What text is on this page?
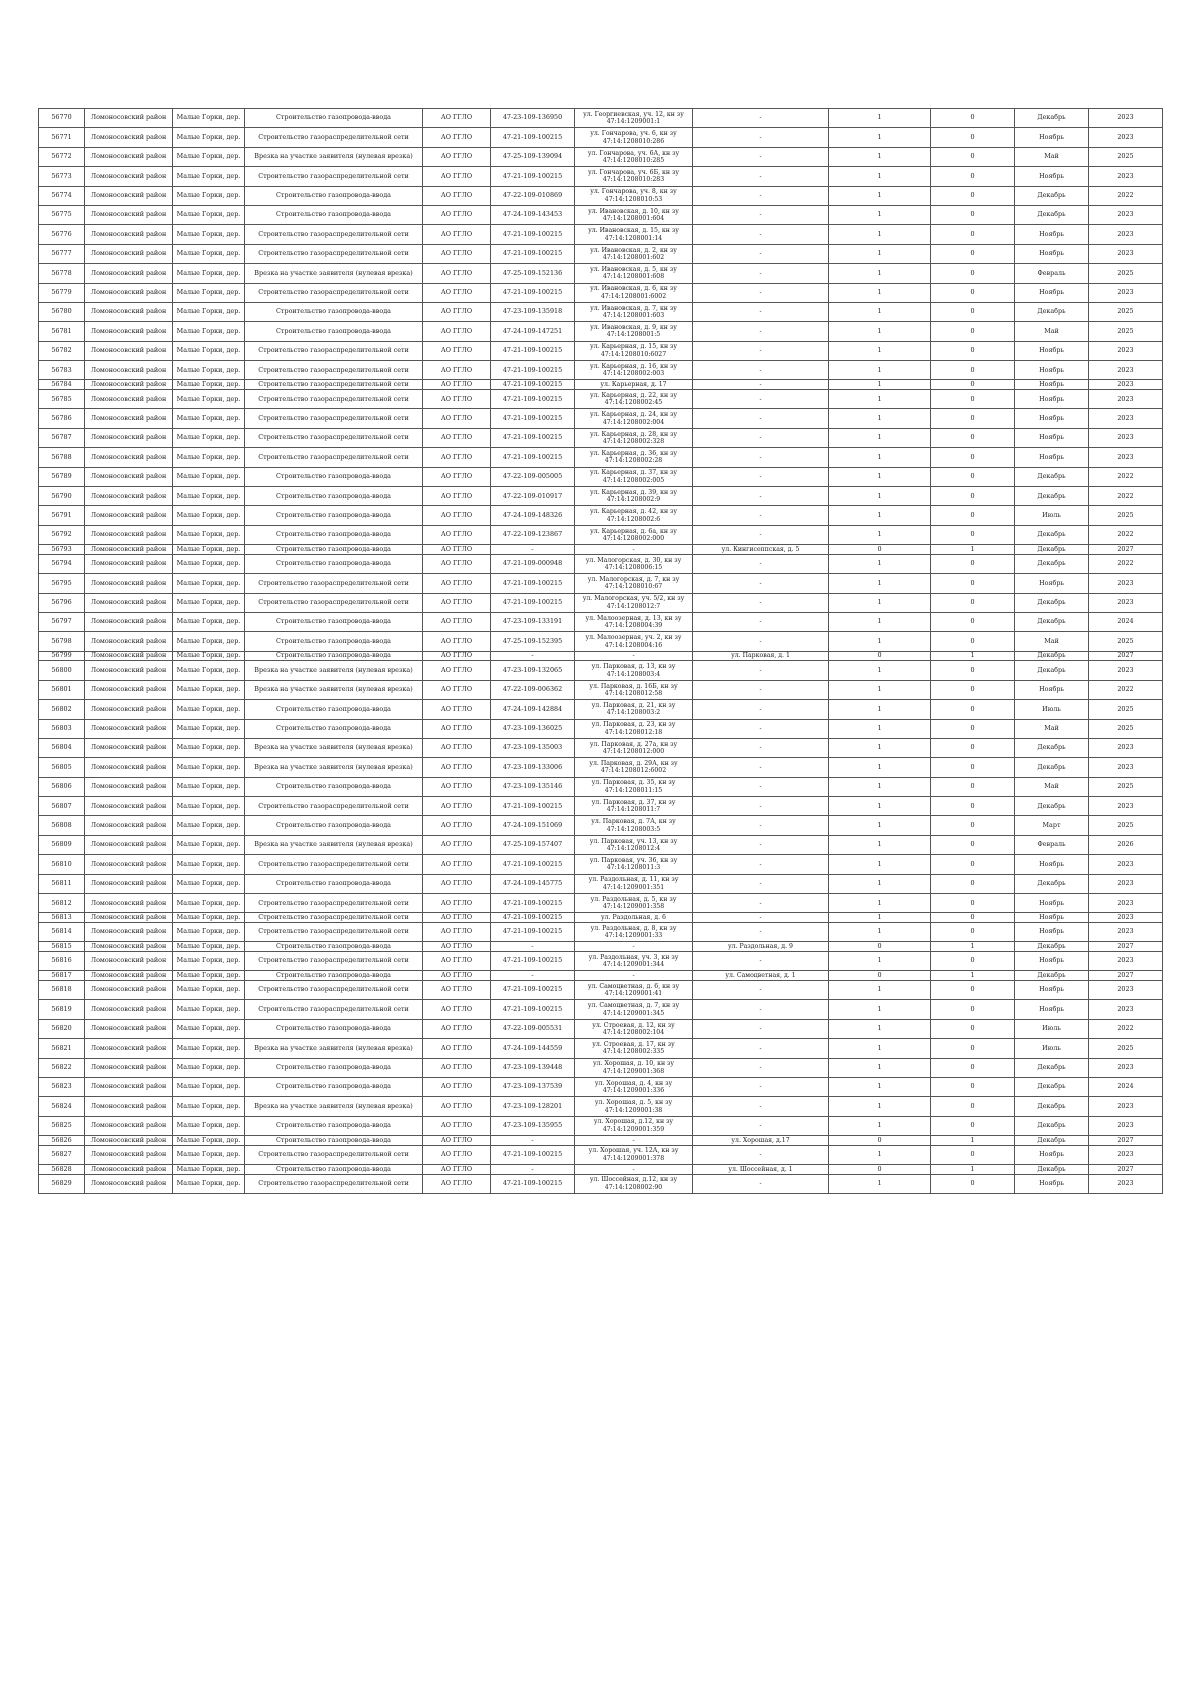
56770	Ломоносовский район	Малые Горки, дер.	Строительство газопровода-ввода	АО ГГЛО	47-23-109-136950	ул. Георгиевская, уч. 12, кн зу 47:14:1209001:1	-	1	0	Декабрь	2023
56771	Ломоносовский район	Малые Горки, дер.	Строительство газораспределительной сети	АО ГГЛО	47-21-109-100215	ул. Гончарова, уч. 6, кн зу 47:14:1208010:286	-	1	0	Ноябрь	2023
56772	Ломоносовский район	Малые Горки, дер.	Врезка на участке заявителя (нулевая врезка)	АО ГГЛО	47-25-109-139094	ул. Гончарова, уч. 6А, кн зу 47:14:1208010:285	-	1	0	Май	2025
56773	Ломоносовский район	Малые Горки, дер.	Строительство газораспределительной сети	АО ГГЛО	47-21-109-100215	ул. Гончарова, уч. 6Б, кн зу 47:14:1208010:283	-	1	0	Ноябрь	2023
56774	Ломоносовский район	Малые Горки, дер.	Строительство газопровода-ввода	АО ГГЛО	47-22-109-010869	ул. Гончарова, уч. 8, кн зу 47:14:1208010:53	-	1	0	Декабрь	2022
56775	Ломоносовский район	Малые Горки, дер.	Строительство газопровода-ввода	АО ГГЛО	47-24-109-143453	ул. Ивановская, д. 10, кн зу 47:14:1208001:604	-	1	0	Декабрь	2023
56776	Ломоносовский район	Малые Горки, дер.	Строительство газораспределительной сети	АО ГГЛО	47-21-109-100215	ул. Ивановская, д. 15, кн зу 47:14:1208001:14	-	1	0	Ноябрь	2023
56777	Ломоносовский район	Малые Горки, дер.	Строительство газораспределительной сети	АО ГГЛО	47-21-109-100215	ул. Ивановская, д. 2, кн зу 47:14:1208001:602	-	1	0	Ноябрь	2023
56778	Ломоносовский район	Малые Горки, дер.	Врезка на участке заявителя (нулевая врезка)	АО ГГЛО	47-25-109-152136	ул. Ивановская, д. 5, кн зу 47:14:1208001:608	-	1	0	Февраль	2025
56779	Ломоносовский район	Малые Горки, дер.	Строительство газораспределительной сети	АО ГГЛО	47-21-109-100215	ул. Ивановская, д. 6, кн зу 47:14:1208001:6002	-	1	0	Ноябрь	2023
56780	Ломоносовский район	Малые Горки, дер.	Строительство газопровода-ввода	АО ГГЛО	47-23-109-135918	ул. Ивановская, д. 7, кн зу 47:14:1208001:603	-	1	0	Декабрь	2025
56781	Ломоносовский район	Малые Горки, дер.	Строительство газопровода-ввода	АО ГГЛО	47-24-109-147251	ул. Ивановская, д. 9, кн зу 47:14:1208001:5	-	1	0	Май	2025
56782	Ломоносовский район	Малые Горки, дер.	Строительство газораспределительной сети	АО ГГЛО	47-21-109-100215	ул. Карьерная, д. 15, кн зу 47:14:1208010:6027	-	1	0	Ноябрь	2023
56783	Ломоносовский район	Малые Горки, дер.	Строительство газораспределительной сети	АО ГГЛО	47-21-109-100215	ул. Карьерная, д. 16, кн зу 47:14:1208002:003	-	1	0	Ноябрь	2023
56784	Ломоносовский район	Малые Горки, дер.	Строительство газораспределительной сети	АО ГГЛО	47-21-109-100215	ул. Карьерная, д. 17	-	1	0	Ноябрь	2023
56785	Ломоносовский район	Малые Горки, дер.	Строительство газораспределительной сети	АО ГГЛО	47-21-109-100215	ул. Карьерная, д. 22, кн зу 47:14:1208002:45	-	1	0	Ноябрь	2023
56786	Ломоносовский район	Малые Горки, дер.	Строительство газораспределительной сети	АО ГГЛО	47-21-109-100215	ул. Карьерная, д. 24, кн зу 47:14:1208002:004	-	1	0	Ноябрь	2023
56787	Ломоносовский район	Малые Горки, дер.	Строительство газораспределительной сети	АО ГГЛО	47-21-109-100215	ул. Карьерная, д. 28, кн зу 47:14:1208002:328	-	1	0	Ноябрь	2023
56788	Ломоносовский район	Малые Горки, дер.	Строительство газораспределительной сети	АО ГГЛО	47-21-109-100215	ул. Карьерная, д. 36, кн зу 47:14:1208002:28	-	1	0	Ноябрь	2023
56789	Ломоносовский район	Малые Горки, дер.	Строительство газопровода-ввода	АО ГГЛО	47-22-109-005005	ул. Карьерная, д. 37, кн зу 47:14:1208002:005	-	1	0	Декабрь	2022
56790	Ломоносовский район	Малые Горки, дер.	Строительство газопровода-ввода	АО ГГЛО	47-22-109-010917	ул. Карьерная, д. 39, кн зу 47:14:1208002:9	-	1	0	Декабрь	2022
56791	Ломоносовский район	Малые Горки, дер.	Строительство газопровода-ввода	АО ГГЛО	47-24-109-148326	ул. Карьерная, д. 42, кн зу 47:14:1208002:6	-	1	0	Июль	2025
56792	Ломоносовский район	Малые Горки, дер.	Строительство газопровода-ввода	АО ГГЛО	47-22-109-123867	ул. Карьерная, д. 6а, кн зу 47:14:1208002:000	-	1	0	Декабрь	2022
56793	Ломоносовский район	Малые Горки, дер.	Строительство газопровода-ввода	АО ГГЛО	-	-	ул. Кингисеппская, д. 5	0	1	Декабрь	2027
56794	Ломоносовский район	Малые Горки, дер.	Строительство газопровода-ввода	АО ГГЛО	47-21-109-000948	ул. Малогорская, д. 30, кн зу 47:14:1208006:15	-	1	0	Декабрь	2022
56795	Ломоносовский район	Малые Горки, дер.	Строительство газораспределительной сети	АО ГГЛО	47-21-109-100215	ул. Малогорская, д. 7, кн зу 47:14:1208010:67	-	1	0	Ноябрь	2023
56796	Ломоносовский район	Малые Горки, дер.	Строительство газораспределительной сети	АО ГГЛО	47-21-109-100215	ул. Малогорская, уч. 5/2, кн зу 47:14:1208012:7	-	1	0	Декабрь	2023
56797	Ломоносовский район	Малые Горки, дер.	Строительство газопровода-ввода	АО ГГЛО	47-23-109-133191	ул. Малоозерная, д. 13, кн зу 47:14:1208004:39	-	1	0	Декабрь	2024
56798	Ломоносовский район	Малые Горки, дер.	Строительство газопровода-ввода	АО ГГЛО	47-25-109-152395	ул. Малоозерная, уч. 2, кн зу 47:14:1208004:16	-	1	0	Май	2025
56799	Ломоносовский район	Малые Горки, дер.	Строительство газопровода-ввода	АО ГГЛО	-	-	ул. Парковая, д. 1	0	1	Декабрь	2027
56800	Ломоносовский район	Малые Горки, дер.	Врезка на участке заявителя (нулевая врезка)	АО ГГЛО	47-23-109-132065	ул. Парковая, д. 13, кн зу 47:14:1208003:4	-	1	0	Декабрь	2023
56801	Ломоносовский район	Малые Горки, дер.	Врезка на участке заявителя (нулевая врезка)	АО ГГЛО	47-22-109-006362	ул. Парковая, д. 16Б, кн зу 47:14:1208012:58	-	1	0	Ноябрь	2022
56802	Ломоносовский район	Малые Горки, дер.	Строительство газопровода-ввода	АО ГГЛО	47-24-109-142884	ул. Парковая, д. 21, кн зу 47:14:1208003:2	-	1	0	Июль	2025
56803	Ломоносовский район	Малые Горки, дер.	Строительство газопровода-ввода	АО ГГЛО	47-23-109-136025	ул. Парковая, д. 23, кн зу 47:14:1208012:18	-	1	0	Май	2025
56804	Ломоносовский район	Малые Горки, дер.	Врезка на участке заявителя (нулевая врезка)	АО ГГЛО	47-23-109-135003	ул. Парковая, д. 27а, кн зу 47:14:1208012:000	-	1	0	Декабрь	2023
56805	Ломоносовский район	Малые Горки, дер.	Врезка на участке заявителя (нулевая врезка)	АО ГГЛО	47-23-109-133006	ул. Парковая, д. 29А, кн зу 47:14:1208012:6002	-	1	0	Декабрь	2023
56806	Ломоносовский район	Малые Горки, дер.	Строительство газопровода-ввода	АО ГГЛО	47-23-109-135146	ул. Парковая, д. 35, кн зу 47:14:1208011:15	-	1	0	Май	2025
56807	Ломоносовский район	Малые Горки, дер.	Строительство газораспределительной сети	АО ГГЛО	47-21-109-100215	ул. Парковая, д. 37, кн зу 47:14:1208011:7	-	1	0	Декабрь	2023
56808	Ломоносовский район	Малые Горки, дер.	Строительство газопровода-ввода	АО ГГЛО	47-24-109-151069	ул. Парковая, д. 7А, кн зу 47:14:1208003:5	-	1	0	Март	2025
56809	Ломоносовский район	Малые Горки, дер.	Врезка на участке заявителя (нулевая врезка)	АО ГГЛО	47-25-109-157407	ул. Парковая, уч. 13, кн зу 47:14:1208012:4	-	1	0	Февраль	2026
56810	Ломоносовский район	Малые Горки, дер.	Строительство газораспределительной сети	АО ГГЛО	47-21-109-100215	ул. Парковая, уч. 36, кн зу 47:14:1208011:3	-	1	0	Ноябрь	2023
56811	Ломоносовский район	Малые Горки, дер.	Строительство газопровода-ввода	АО ГГЛО	47-24-109-145775	ул. Раздольная, д. 11, кн зу 47:14:1209001:351	-	1	0	Декабрь	2023
56812	Ломоносовский район	Малые Горки, дер.	Строительство газораспределительной сети	АО ГГЛО	47-21-109-100215	ул. Раздольная, д. 5, кн зу 47:14:1209001:358	-	1	0	Ноябрь	2023
56813	Ломоносовский район	Малые Горки, дер.	Строительство газораспределительной сети	АО ГГЛО	47-21-109-100215	ул. Раздольная, д. 6	-	1	0	Ноябрь	2023
56814	Ломоносовский район	Малые Горки, дер.	Строительство газораспределительной сети	АО ГГЛО	47-21-109-100215	ул. Раздольная, д. 8, кн зу 47:14:1209001:33	-	1	0	Ноябрь	2023
56815	Ломоносовский район	Малые Горки, дер.	Строительство газопровода-ввода	АО ГГЛО	-	-	ул. Раздольная, д. 9	0	1	Декабрь	2027
56816	Ломоносовский район	Малые Горки, дер.	Строительство газораспределительной сети	АО ГГЛО	47-21-109-100215	ул. Раздольная, уч. 3, кн зу 47:14:1209001:344	-	1	0	Ноябрь	2023
56817	Ломоносовский район	Малые Горки, дер.	Строительство газопровода-ввода	АО ГГЛО	-	-	ул. Самоцветная, д. 1	0	1	Декабрь	2027
56818	Ломоносовский район	Малые Горки, дер.	Строительство газораспределительной сети	АО ГГЛО	47-21-109-100215	ул. Самоцветная, д. 6, кн зу 47:14:1209001:41	-	1	0	Ноябрь	2023
56819	Ломоносовский район	Малые Горки, дер.	Строительство газораспределительной сети	АО ГГЛО	47-21-109-100215	ул. Самоцветная, д. 7, кн зу 47:14:1209001:345	-	1	0	Ноябрь	2023
56820	Ломоносовский район	Малые Горки, дер.	Строительство газопровода-ввода	АО ГГЛО	47-22-109-005531	ул. Строевая, д. 12, кн зу 47:14:1208002:104	-	1	0	Июль	2022
56821	Ломоносовский район	Малые Горки, дер.	Врезка на участке заявителя (нулевая врезка)	АО ГГЛО	47-24-109-144559	ул. Строевая, д. 17, кн зу 47:14:1208002:335	-	1	0	Июль	2025
56822	Ломоносовский район	Малые Горки, дер.	Строительство газопровода-ввода	АО ГГЛО	47-23-109-139448	ул. Хорошая, д. 10, кн зу 47:14:1209001:368	-	1	0	Декабрь	2023
56823	Ломоносовский район	Малые Горки, дер.	Строительство газопровода-ввода	АО ГГЛО	47-23-109-137539	ул. Хорошая, д. 4, кн зу 47:14:1209001:336	-	1	0	Декабрь	2024
56824	Ломоносовский район	Малые Горки, дер.	Врезка на участке заявителя (нулевая врезка)	АО ГГЛО	47-23-109-128201	ул. Хорошая, д. 5, кн зу 47:14:1209001:38	-	1	0	Декабрь	2023
56825	Ломоносовский район	Малые Горки, дер.	Строительство газопровода-ввода	АО ГГЛО	47-23-109-135955	ул. Хорошая, д.12, кн зу 47:14:1209001:359	-	1	0	Декабрь	2023
56826	Ломоносовский район	Малые Горки, дер.	Строительство газопровода-ввода	АО ГГЛО	-	-	ул. Хорошая, д.17	0	1	Декабрь	2027
56827	Ломоносовский район	Малые Горки, дер.	Строительство газораспределительной сети	АО ГГЛО	47-21-109-100215	ул. Хорошая, уч. 12А, кн зу 47:14:1209001:378	-	1	0	Ноябрь	2023
56828	Ломоносовский район	Малые Горки, дер.	Строительство газопровода-ввода	АО ГГЛО	-	-	ул. Шоссейная, д. 1	0	1	Декабрь	2027
56829	Ломоносовский район	Малые Горки, дер.	Строительство газораспределительной сети	АО ГГЛО	47-21-109-100215	ул. Шоссейная, д.12, кн зу 47:14:1208002:90	-	1	0	Ноябрь	2023
